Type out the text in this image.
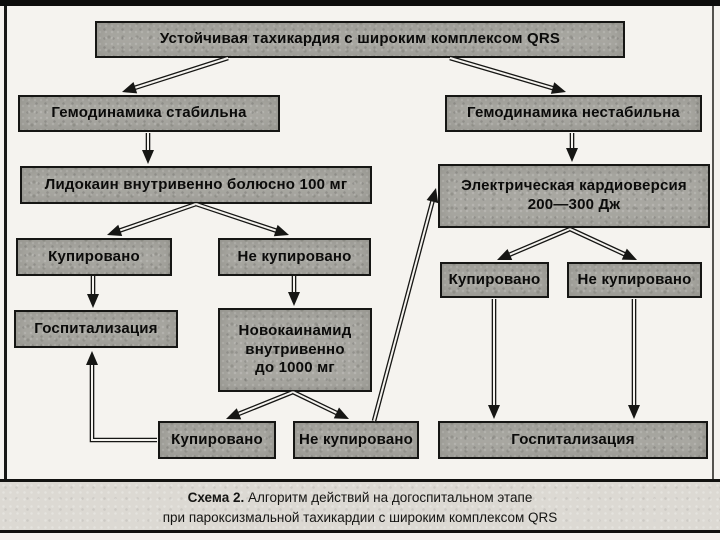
Устойчивая тахикардия с широким комплексом QRS
Гемодинамика стабильна	Гемодинамика нестабильна
Лидокаин внутривенно болюсно 100 мг	Электрическая кардиоверсия
200—300 Дж
Купировано	Не купировано
Госпитализация	Новокаинамид
внутривенно
до 1000 мг
Купировано	Не купировано
Купировано	Не купировано
Госпитализация
Схема 2. Алгоритм действий на догоспитальном этапе
при пароксизмальной тахикардии с широким комплексом QRS
